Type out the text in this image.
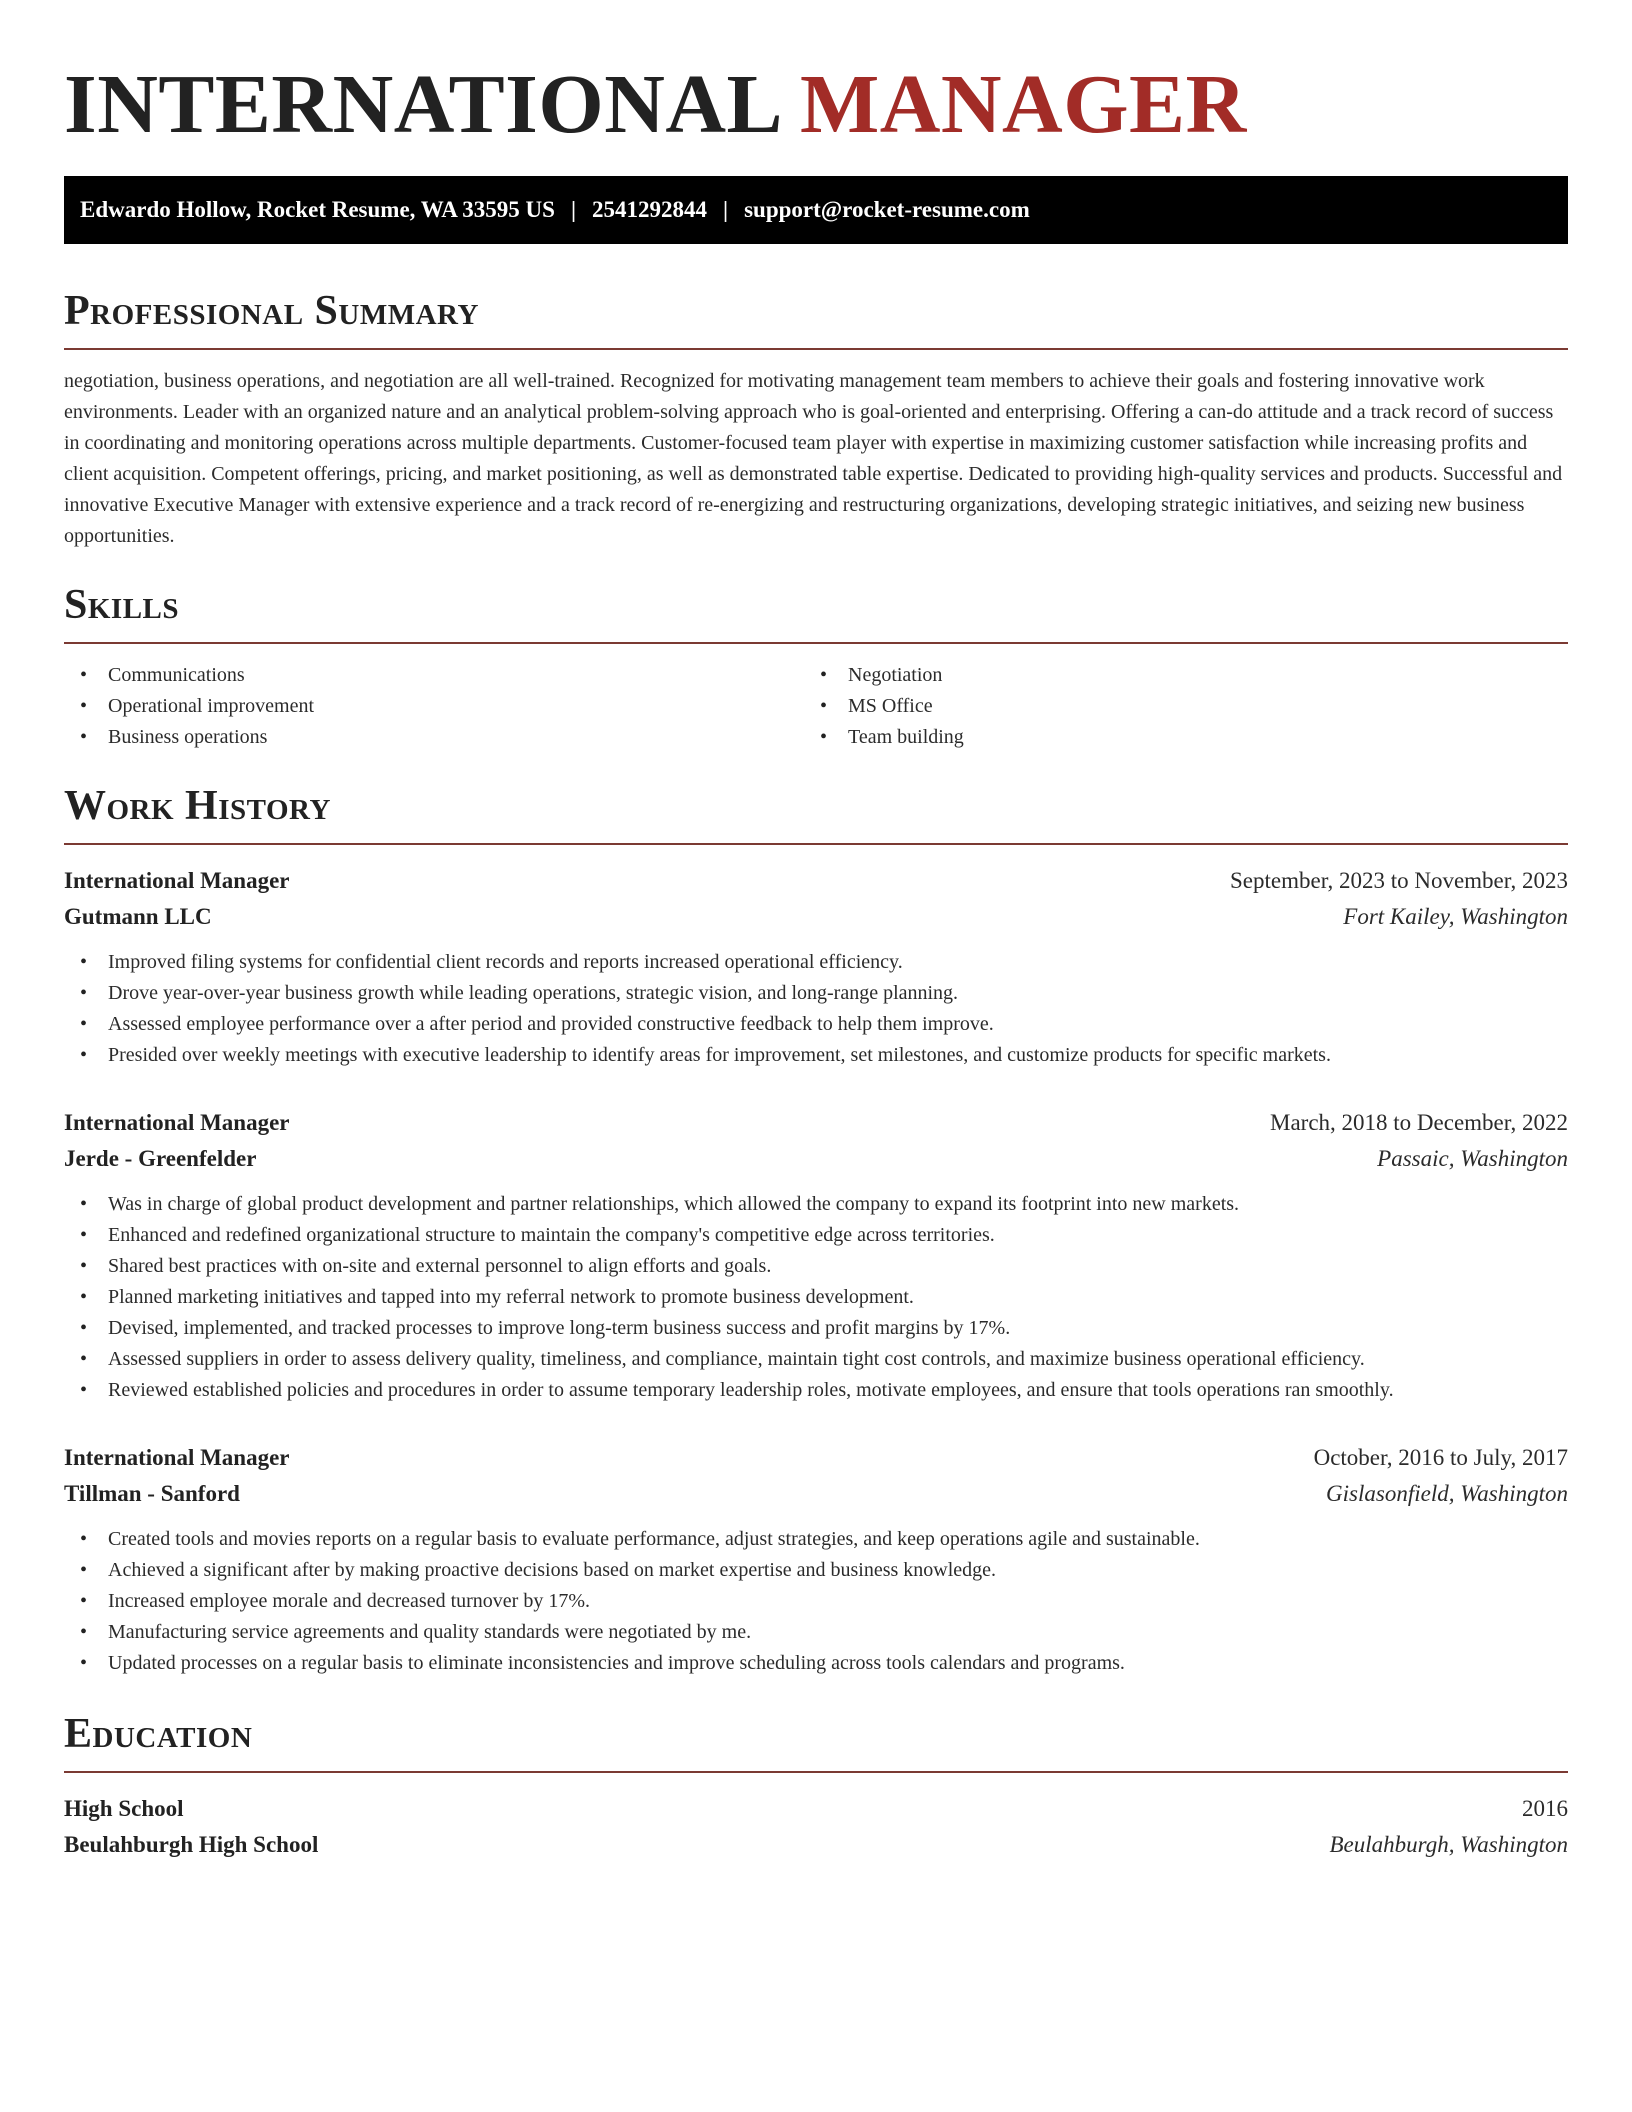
INTERNATIONAL MANAGER
Edwardo Hollow, Rocket Resume, WA 33595 US | 2541292844 | support@rocket-resume.com
Professional Summary

negotiation, business operations, and negotiation are all well-trained. Recognized for motivating management team members to achieve their goals and fostering innovative work environments. Leader with an organized nature and an analytical problem-solving approach who is goal-oriented and enterprising. Offering a can-do attitude and a track record of success in coordinating and monitoring operations across multiple departments. Customer-focused team player with expertise in maximizing customer satisfaction while increasing profits and client acquisition. Competent offerings, pricing, and market positioning, as well as demonstrated table expertise. Dedicated to providing high-quality services and products. Successful and innovative Executive Manager with extensive experience and a track record of re-energizing and restructuring organizations, developing strategic initiatives, and seizing new business opportunities.

Skills
• Communications
• Operational improvement
• Business operations
• Negotiation
• MS Office
• Team building
Work History
International Manager	September, 2023 to November, 2023
Gutmann LLC	Fort Kailey, Washington
• Improved filing systems for confidential client records and reports increased operational efficiency.
• Drove year-over-year business growth while leading operations, strategic vision, and long-range planning.
• Assessed employee performance over a after period and provided constructive feedback to help them improve.
• Presided over weekly meetings with executive leadership to identify areas for improvement, set milestones, and customize products for specific markets.
International Manager	March, 2018 to December, 2022
Jerde - Greenfelder	Passaic, Washington
• Was in charge of global product development and partner relationships, which allowed the company to expand its footprint into new markets.
• Enhanced and redefined organizational structure to maintain the company's competitive edge across territories.
• Shared best practices with on-site and external personnel to align efforts and goals.
• Planned marketing initiatives and tapped into my referral network to promote business development.
• Devised, implemented, and tracked processes to improve long-term business success and profit margins by 17%.
• Assessed suppliers in order to assess delivery quality, timeliness, and compliance, maintain tight cost controls, and maximize business operational efficiency.
• Reviewed established policies and procedures in order to assume temporary leadership roles, motivate employees, and ensure that tools operations ran smoothly.
International Manager	October, 2016 to July, 2017
Tillman - Sanford	Gislasonfield, Washington
• Created tools and movies reports on a regular basis to evaluate performance, adjust strategies, and keep operations agile and sustainable.
• Achieved a significant after by making proactive decisions based on market expertise and business knowledge.
• Increased employee morale and decreased turnover by 17%.
• Manufacturing service agreements and quality standards were negotiated by me.
• Updated processes on a regular basis to eliminate inconsistencies and improve scheduling across tools calendars and programs.
Education
High School	2016
Beulahburgh High School	Beulahburgh, Washington
